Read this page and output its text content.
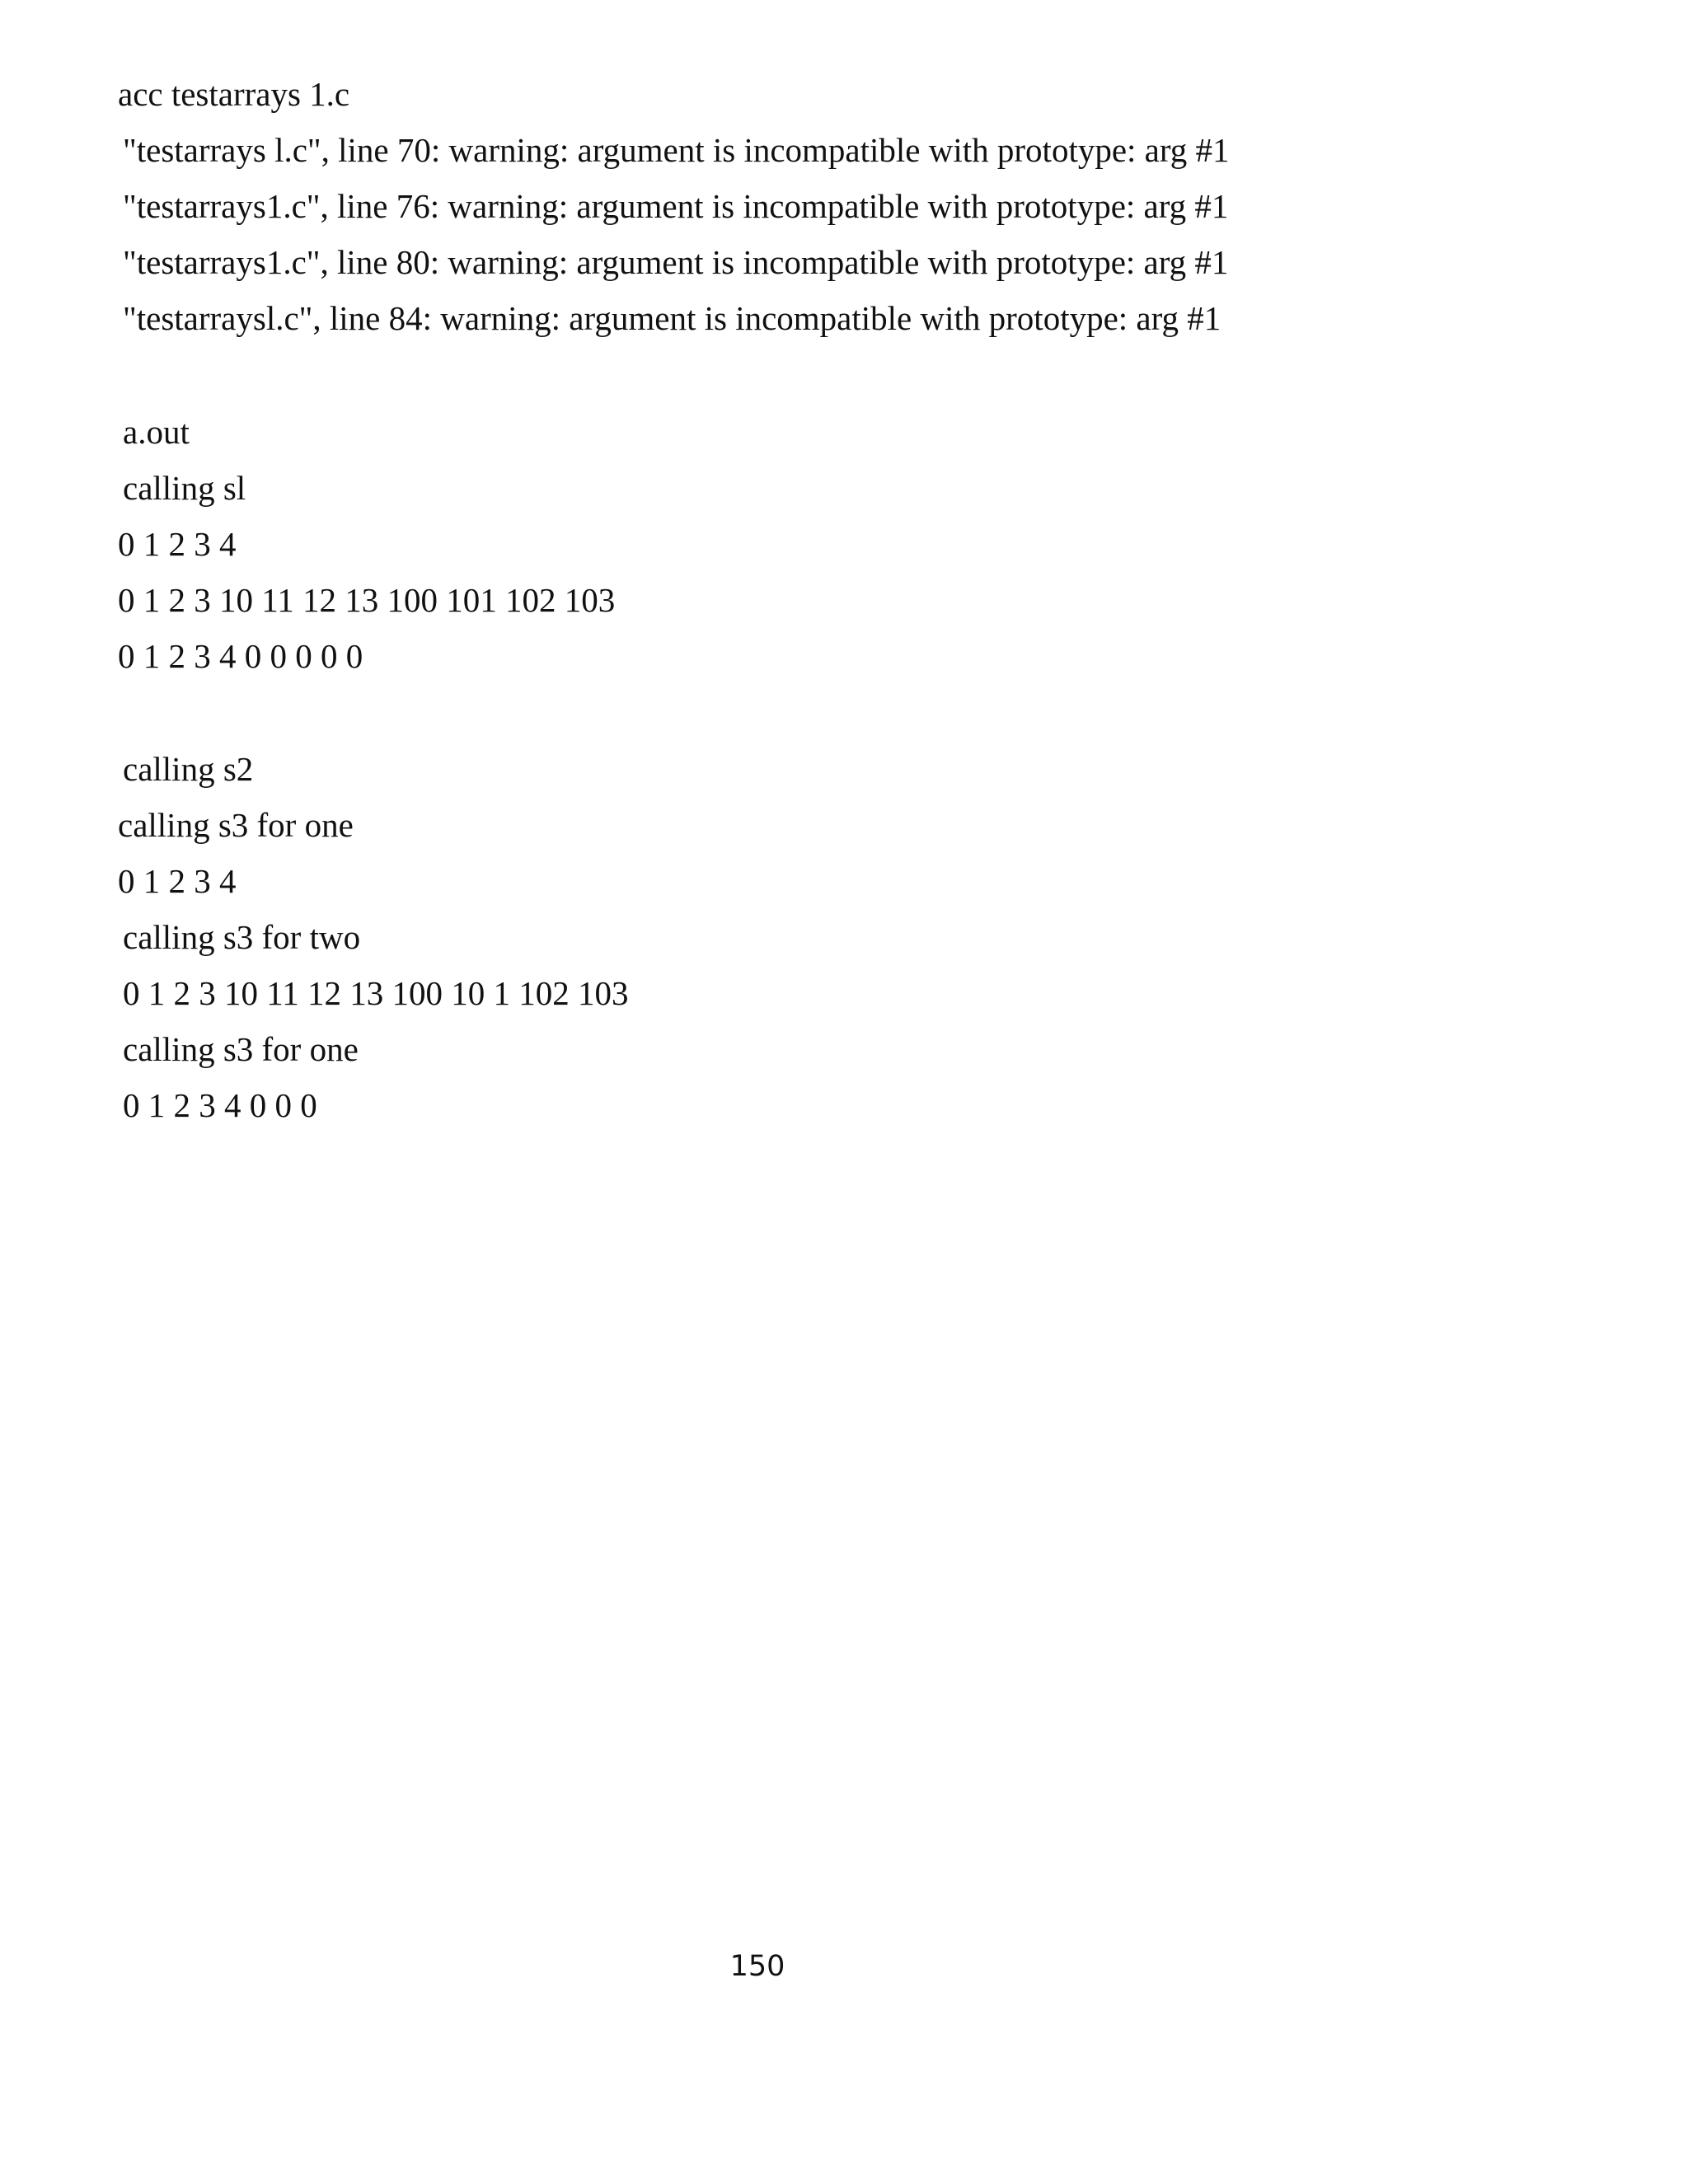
acc testarrays 1.c
"testarrays l.c", line 70: warning: argument is incompatible with prototype: arg #1
"testarrays1.c", line 76: warning: argument is incompatible with prototype: arg #1
"testarrays1.c", line 80: warning: argument is incompatible with prototype: arg #1
"testarraysl.c", line 84: warning: argument is incompatible with prototype: arg #1
a.out
calling sl
0 1 2 3 4
0 1 2 3 10 11 12 13 100 101 102 103
0 1 2 3 4 0 0 0 0 0
calling s2
calling s3 for one
0 1 2 3 4
calling s3 for two
0 1 2 3 10 11 12 13 100 10 1 102 103
calling s3 for one
0 1 2 3 4 0 0 0
150
